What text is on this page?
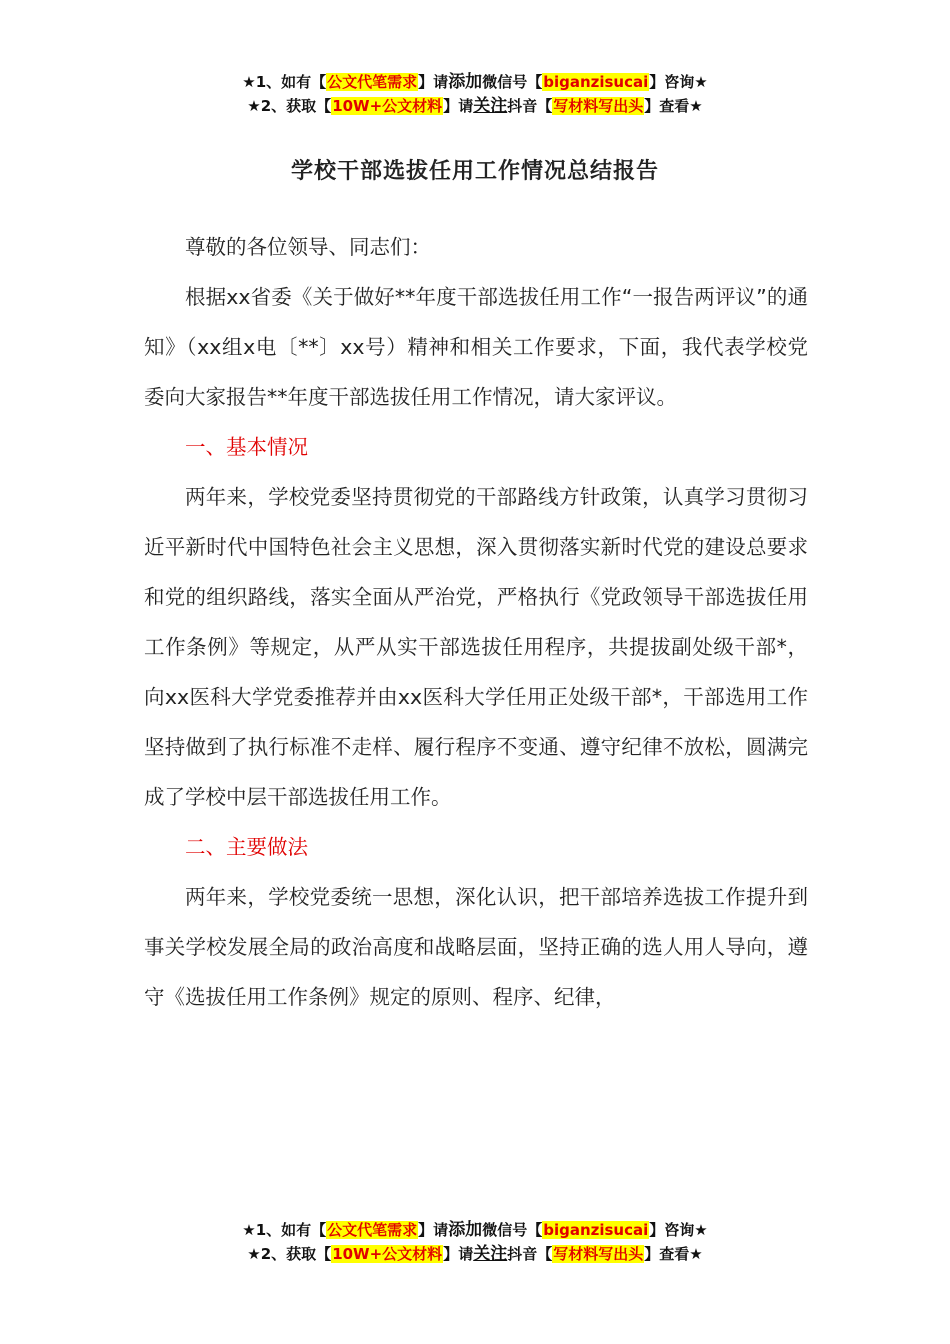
★1、如有【公文代笔需求】请添加微信号【biganzisucai】咨询★
★2、获取【10W+公文材料】请关注抖音【写材料写出头】查看★
学校干部选拔任用工作情况总结报告

尊敬的各位领导、同志们：

根据xx省委《关于做好**年度干部选拔任用工作“一报告两评议”的通知》（xx组x电〔**〕xx号）精神和相关工作要求，下面，我代表学校党委向大家报告**年度干部选拔任用工作情况，请大家评议。

一、基本情况

两年来，学校党委坚持贯彻党的干部路线方针政策，认真学习贯彻习近平新时代中国特色社会主义思想，深入贯彻落实新时代党的建设总要求和党的组织路线，落实全面从严治党，严格执行《党政领导干部选拔任用工作条例》等规定，从严从实干部选拔任用程序，共提拔副处级干部*，向xx医科大学党委推荐并由xx医科大学任用正处级干部*，干部选用工作坚持做到了执行标准不走样、履行程序不变通、遵守纪律不放松，圆满完成了学校中层干部选拔任用工作。

二、主要做法

两年来，学校党委统一思想，深化认识，把干部培养选拔工作提升到事关学校发展全局的政治高度和战略层面，坚持正确的选人用人导向，遵守《选拔任用工作条例》规定的原则、程序、纪律，

★1、如有【公文代笔需求】请添加微信号【biganzisucai】咨询★
★2、获取【10W+公文材料】请关注抖音【写材料写出头】查看★
